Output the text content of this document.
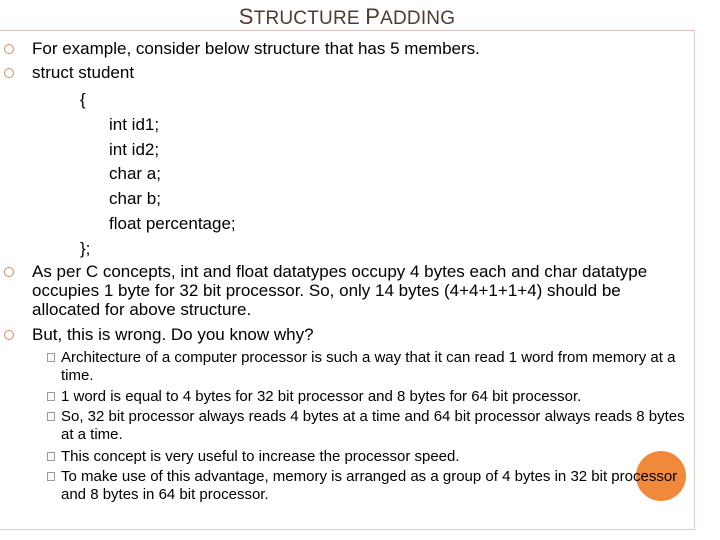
STRUCTURE PADDING
For example, consider below structure that has 5 members.
struct student
{
int id1;
int id2;
char a;
char b;
float percentage;
};
As per C concepts, int and float datatypes occupy 4 bytes each and char datatype occupies 1 byte for 32 bit processor. So, only 14 bytes (4+4+1+1+4) should be allocated for above structure.
But, this is wrong. Do you know why?
Architecture of a computer processor is such a way that it can read 1 word from memory at a time.
1 word is equal to 4 bytes for 32 bit processor and 8 bytes for 64 bit processor.
So, 32 bit processor always reads 4 bytes at a time and 64 bit processor always reads 8 bytes at a time.
This concept is very useful to increase the processor speed.
To make use of this advantage, memory is arranged as a group of 4 bytes in 32 bit processor and 8 bytes in 64 bit processor.
